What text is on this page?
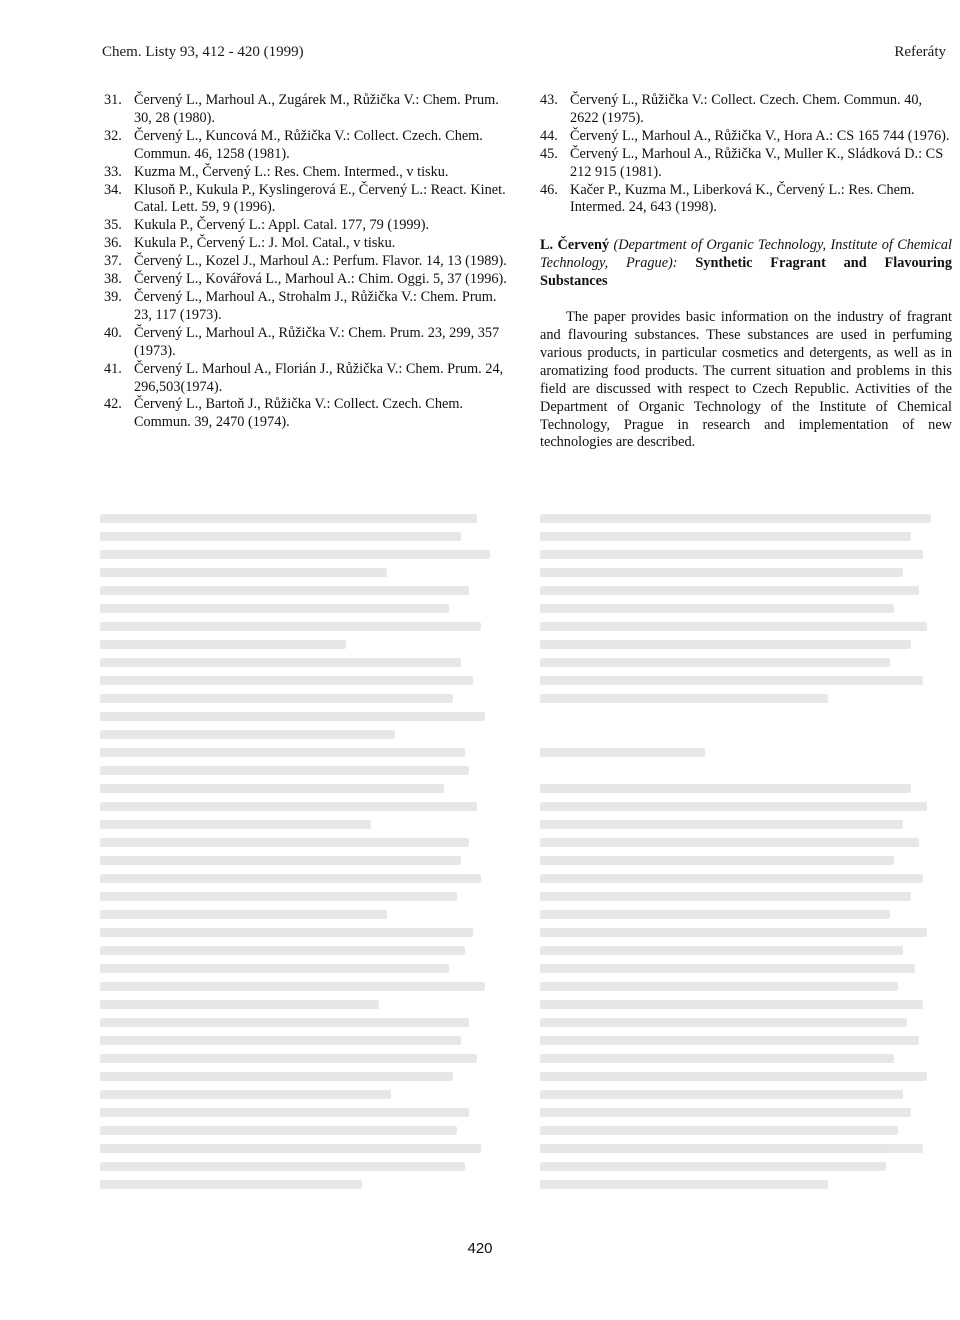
Chem. Listy 93, 412 - 420 (1999)	Referáty
31. Červený L., Marhoul A., Zugárek M., Růžička V.: Chem. Prum. 30, 28 (1980).
32. Červený L., Kuncová M., Růžička V.: Collect. Czech. Chem. Commun. 46, 1258 (1981).
33. Kuzma M., Červený L.: Res. Chem. Intermed., v tisku.
34. Klusoň P., Kukula P., Kyslingerová E., Červený L.: React. Kinet. Catal. Lett. 59, 9 (1996).
35. Kukula P., Červený L.: Appl. Catal. 177, 79 (1999).
36. Kukula P., Červený L.: J. Mol. Catal., v tisku.
37. Červený L., Kozel J., Marhoul A.: Perfum. Flavor. 14, 13 (1989).
38. Červený L., Kovářová L., Marhoul A.: Chim. Oggi. 5, 37 (1996).
39. Červený L., Marhoul A., Strohalm J., Růžička V.: Chem. Prum. 23, 117 (1973).
40. Červený L., Marhoul A., Růžička V.: Chem. Prum. 23, 299, 357 (1973).
41. Červený L. Marhoul A., Florián J., Růžička V.: Chem. Prum. 24, 296,503(1974).
42. Červený L., Bartoň J., Růžička V.: Collect. Czech. Chem. Commun. 39, 2470 (1974).
43. Červený L., Růžička V.: Collect. Czech. Chem. Commun. 40, 2622 (1975).
44. Červený L., Marhoul A., Růžička V., Hora A.: CS 165 744 (1976).
45. Červený L., Marhoul A., Růžička V., Muller K., Sládková D.: CS 212 915 (1981).
46. Kačer P., Kuzma M., Liberková K., Červený L.: Res. Chem. Intermed. 24, 643 (1998).

L. Červený (Department of Organic Technology, Institute of Chemical Technology, Prague): Synthetic Fragrant and Flavouring Substances

The paper provides basic information on the industry of fragrant and flavouring substances. These substances are used in perfuming various products, in particular cosmetics and detergents, as well as in aromatizing food products. The current situation and problems in this field are discussed with respect to Czech Republic. Activities of the Department of Organic Technology of the Institute of Chemical Technology, Prague in research and implementation of new technologies are described.

420
